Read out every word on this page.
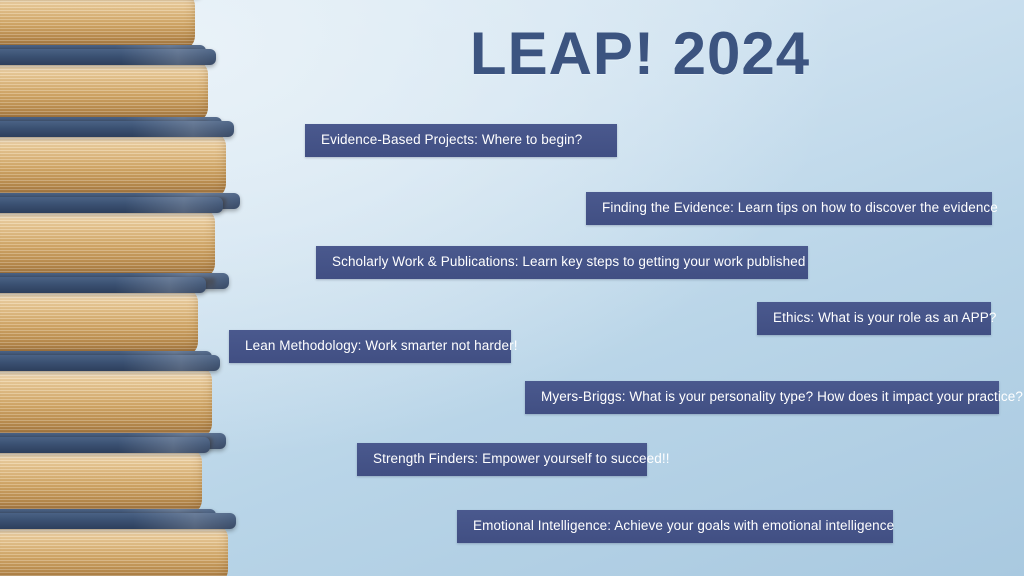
LEAP! 2024
Evidence-Based Projects: Where to begin?
Finding the Evidence: Learn tips on how to discover the evidence
Scholarly Work & Publications: Learn key steps to getting your work published
Ethics: What is your role as an APP?
Lean Methodology: Work smarter not harder!
Myers-Briggs: What is your personality type? How does it impact your practice?
Strength Finders: Empower yourself to succeed!!
Emotional Intelligence: Achieve your goals with emotional intelligence
